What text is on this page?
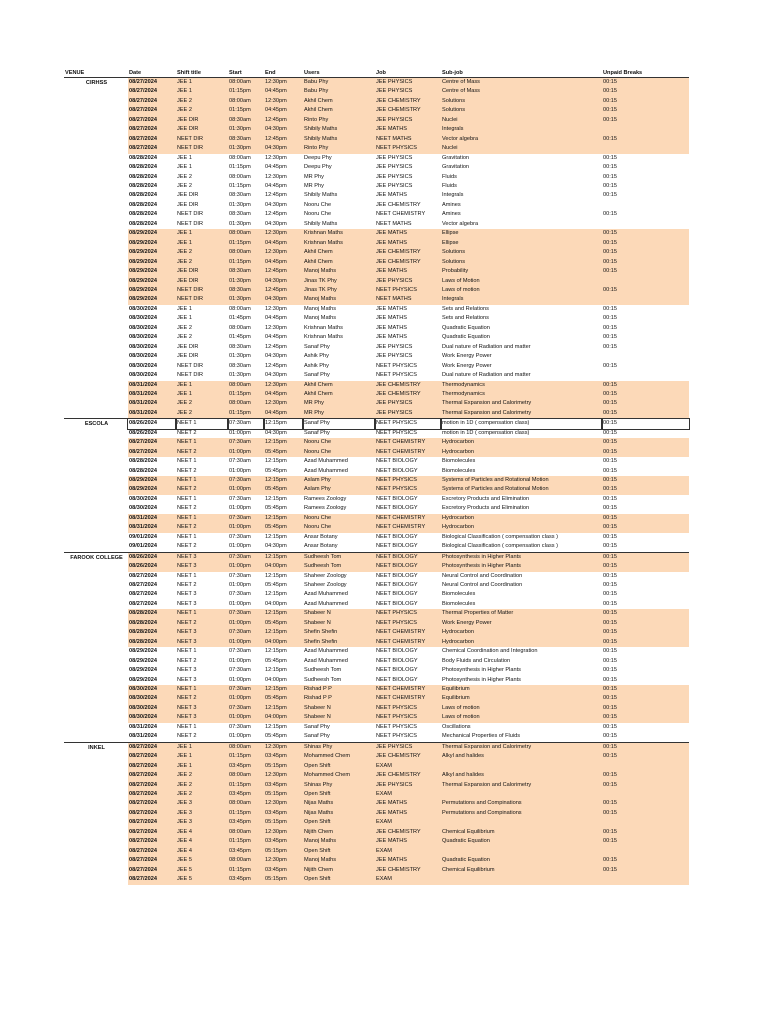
VENUE	Date	Shift title	Start	End	Users	Job	Sub-job	Unpaid Breaks
CIRHSS	08/27/2024	JEE 1	08:00am	12:30pm	Babu Phy	JEE PHYSICS	Centre of Mass	00:15
	08/27/2024	JEE 1	01:15pm	04:45pm	Babu Phy	JEE PHYSICS	Centre of Mass	00:15
	08/27/2024	JEE 2	08:00am	12:30pm	Akhil Chem	JEE CHEMISTRY	Solutions	00:15
	08/27/2024	JEE 2	01:15pm	04:45pm	Akhil Chem	JEE CHEMISTRY	Solutions	00:15
	08/27/2024	JEE DIR	08:30am	12:45pm	Rinto Phy	JEE PHYSICS	Nuclei	00:15
	08/27/2024	JEE DIR	01:30pm	04:30pm	Shibily Maths	JEE MATHS	Integrals	
	08/27/2024	NEET DIR	08:30am	12:45pm	Shibily Maths	NEET MATHS	Vector algebra	00:15
	08/27/2024	NEET DIR	01:30pm	04:30pm	Rinto Phy	NEET PHYSICS	Nuclei	
	08/28/2024	JEE 1	08:00am	12:30pm	Deepu Phy	JEE PHYSICS	Gravitation	00:15
	08/28/2024	JEE 1	01:15pm	04:45pm	Deepu Phy	JEE PHYSICS	Gravitation	00:15
	08/28/2024	JEE 2	08:00am	12:30pm	MR Phy	JEE PHYSICS	Fluids	00:15
	08/28/2024	JEE 2	01:15pm	04:45pm	MR Phy	JEE PHYSICS	Fluids	00:15
	08/28/2024	JEE DIR	08:30am	12:45pm	Shibily Maths	JEE MATHS	Integrals	00:15
	08/28/2024	JEE DIR	01:30pm	04:30pm	Nooru Che	JEE CHEMISTRY	Amines	
	08/28/2024	NEET DIR	08:30am	12:45pm	Nooru Che	NEET CHEMISTRY	Amines	00:15
	08/28/2024	NEET DIR	01:30pm	04:30pm	Shibily Maths	NEET MATHS	Vector algebra	
	08/29/2024	JEE 1	08:00am	12:30pm	Krishnan Maths	JEE MATHS	Ellipse	00:15
	08/29/2024	JEE 1	01:15pm	04:45pm	Krishnan Maths	JEE MATHS	Ellipse	00:15
	08/29/2024	JEE 2	08:00am	12:30pm	Akhil Chem	JEE CHEMISTRY	Solutions	00:15
	08/29/2024	JEE 2	01:15pm	04:45pm	Akhil Chem	JEE CHEMISTRY	Solutions	00:15
	08/29/2024	JEE DIR	08:30am	12:45pm	Manoj Maths	JEE MATHS	Probability	00:15
	08/29/2024	JEE DIR	01:30pm	04:30pm	Jinas TK Phy	JEE PHYSICS	Laws of Motion	
	08/29/2024	NEET DIR	08:30am	12:45pm	Jinas TK Phy	NEET PHYSICS	Laws of motion	00:15
	08/29/2024	NEET DIR	01:30pm	04:30pm	Manoj Maths	NEET MATHS	Integrals	
	08/30/2024	JEE 1	08:00am	12:30pm	Manoj Maths	JEE MATHS	Sets and Relations	00:15
	08/30/2024	JEE 1	01:45pm	04:45pm	Manoj Maths	JEE MATHS	Sets and Relations	00:15
	08/30/2024	JEE 2	08:00am	12:30pm	Krishnan Maths	JEE MATHS	Quadratic Equation	00:15
	08/30/2024	JEE 2	01:45pm	04:45pm	Krishnan Maths	JEE MATHS	Quadratic Equation	00:15
	08/30/2024	JEE DIR	08:30am	12:45pm	Sanaf Phy	JEE PHYSICS	Dual nature of Radiation and matter	00:15
	08/30/2024	JEE DIR	01:30pm	04:30pm	Ashik Phy	JEE PHYSICS	Work Energy Power	
	08/30/2024	NEET DIR	08:30am	12:45pm	Ashik Phy	NEET PHYSICS	Work Energy Power	00:15
	08/30/2024	NEET DIR	01:30pm	04:30pm	Sanaf Phy	NEET PHYSICS	Dual nature of Radiation and matter	
	08/31/2024	JEE 1	08:00am	12:30pm	Akhil Chem	JEE CHEMISTRY	Thermodynamics	00:15
	08/31/2024	JEE 1	01:15pm	04:45pm	Akhil Chem	JEE CHEMISTRY	Thermodynamics	00:15
	08/31/2024	JEE 2	08:00am	12:30pm	MR Phy	JEE PHYSICS	Thermal Expansion and Calorimetry	00:15
	08/31/2024	JEE 2	01:15pm	04:45pm	MR Phy	JEE PHYSICS	Thermal Expansion and Calorimetry	00:15
ESCOLA	08/26/2024	NEET 1	07:30am	12:15pm	Sanaf Phy	NEET PHYSICS	motion in 1D ( compensation class)	00:15
	08/26/2024	NEET 2	01:00pm	04:30pm	Sanaf Phy	NEET PHYSICS	motion in 1D ( compensation class)	00:15
	08/27/2024	NEET 1	07:30am	12:15pm	Nooru Che	NEET CHEMISTRY	Hydrocarbon	00:15
	08/27/2024	NEET 2	01:00pm	05:45pm	Nooru Che	NEET CHEMISTRY	Hydrocarbon	00:15
	08/28/2024	NEET 1	07:30am	12:15pm	Azad Muhammed	NEET BIOLOGY	Biomolecules	00:15
	08/28/2024	NEET 2	01:00pm	05:45pm	Azad Muhammed	NEET BIOLOGY	Biomolecules	00:15
	08/29/2024	NEET 1	07:30am	12:15pm	Aslam Phy	NEET PHYSICS	Systems of Particles and Rotational Motion	00:15
	08/29/2024	NEET 2	01:00pm	05:45pm	Aslam Phy	NEET PHYSICS	Systems of Particles and Rotational Motion	00:15
	08/30/2024	NEET 1	07:30am	12:15pm	Ramees Zoology	NEET BIOLOGY	Excretory Products and Elimination	00:15
	08/30/2024	NEET 2	01:00pm	05:45pm	Ramees Zoology	NEET BIOLOGY	Excretory Products and Elimination	00:15
	08/31/2024	NEET 1	07:30am	12:15pm	Nooru Che	NEET CHEMISTRY	Hydrocarbon	00:15
	08/31/2024	NEET 2	01:00pm	05:45pm	Nooru Che	NEET CHEMISTRY	Hydrocarbon	00:15
	09/01/2024	NEET 1	07:30am	12:15pm	Ansar Botany	NEET BIOLOGY	Biological Classification ( compensation class )	00:15
	09/01/2024	NEET 2	01:00pm	04:30pm	Ansar Botany	NEET BIOLOGY	Biological Classification ( compensation class )	00:15
FAROOK COLLEGE	08/26/2024	NEET 3	07:30am	12:15pm	Sudheesh Tom	NEET BIOLOGY	Photosynthesis in Higher Plants	00:15
	08/26/2024	NEET 3	01:00pm	04:00pm	Sudheesh Tom	NEET BIOLOGY	Photosynthesis in Higher Plants	00:15
	08/27/2024	NEET 1	07:30am	12:15pm	Shaheer Zoology	NEET BIOLOGY	Neural Control and Coordination	00:15
	08/27/2024	NEET 2	01:00pm	05:45pm	Shaheer Zoology	NEET BIOLOGY	Neural Control and Coordination	00:15
	08/27/2024	NEET 3	07:30am	12:15pm	Azad Muhammed	NEET BIOLOGY	Biomolecules	00:15
	08/27/2024	NEET 3	01:00pm	04:00pm	Azad Muhammed	NEET BIOLOGY	Biomolecules	00:15
	08/28/2024	NEET 1	07:30am	12:15pm	Shabeer N	NEET PHYSICS	Thermal Properties of Matter	00:15
	08/28/2024	NEET 2	01:00pm	05:45pm	Shabeer N	NEET PHYSICS	Work Energy Power	00:15
	08/28/2024	NEET 3	07:30am	12:15pm	Shefin Shefin	NEET CHEMISTRY	Hydrocarbon	00:15
	08/28/2024	NEET 3	01:00pm	04:00pm	Shefin Shefin	NEET CHEMISTRY	Hydrocarbon	00:15
	08/29/2024	NEET 1	07:30am	12:15pm	Azad Muhammed	NEET BIOLOGY	Chemical Coordination and Integration	00:15
	08/29/2024	NEET 2	01:00pm	05:45pm	Azad Muhammed	NEET BIOLOGY	Body Fluids and Circulation	00:15
	08/29/2024	NEET 3	07:30am	12:15pm	Sudheesh Tom	NEET BIOLOGY	Photosynthesis in Higher Plants	00:15
	08/29/2024	NEET 3	01:00pm	04:00pm	Sudheesh Tom	NEET BIOLOGY	Photosynthesis in Higher Plants	00:15
	08/30/2024	NEET 1	07:30am	12:15pm	Rishad P P	NEET CHEMISTRY	Equilibrium	00:15
	08/30/2024	NEET 2	01:00pm	05:45pm	Rishad P P	NEET CHEMISTRY	Equilibrium	00:15
	08/30/2024	NEET 3	07:30am	12:15pm	Shabeer N	NEET PHYSICS	Laws of motion	00:15
	08/30/2024	NEET 3	01:00pm	04:00pm	Shabeer N	NEET PHYSICS	Laws of motion	00:15
	08/31/2024	NEET 1	07:30am	12:15pm	Sanaf Phy	NEET PHYSICS	Oscillations	00:15
	08/31/2024	NEET 2	01:00pm	05:45pm	Sanaf Phy	NEET PHYSICS	Mechanical Properties of Fluids	00:15
INKEL	08/27/2024	JEE 1	08:00am	12:30pm	Shinas Phy	JEE PHYSICS	Thermal Expansion and Calorimetry	00:15
	08/27/2024	JEE 1	01:15pm	03:45pm	Mohammed Chem	JEE CHEMISTRY	Alkyl and halides	00:15
	08/27/2024	JEE 1	03:45pm	05:15pm	Open Shift	EXAM		
	08/27/2024	JEE 2	08:00am	12:30pm	Mohammed Chem	JEE CHEMISTRY	Alkyl and halides	00:15
	08/27/2024	JEE 2	01:15pm	03:45pm	Shinas Phy	JEE PHYSICS	Thermal Expansion and Calorimetry	00:15
	08/27/2024	JEE 2	03:45pm	05:15pm	Open Shift	EXAM		
	08/27/2024	JEE 3	08:00am	12:30pm	Nijas Maths	JEE MATHS	Permutations and Compinations	00:15
	08/27/2024	JEE 3	01:15pm	03:45pm	Nijas Maths	JEE MATHS	Permutations and Compinations	00:15
	08/27/2024	JEE 3	03:45pm	05:15pm	Open Shift	EXAM		
	08/27/2024	JEE 4	08:00am	12:30pm	Nijith Chem	JEE CHEMISTRY	Chemical Equilibrium	00:15
	08/27/2024	JEE 4	01:15pm	03:45pm	Manoj Maths	JEE MATHS	Quadratic Equation	00:15
	08/27/2024	JEE 4	03:45pm	05:15pm	Open Shift	EXAM		
	08/27/2024	JEE 5	08:00am	12:30pm	Manoj Maths	JEE MATHS	Quadratic Equation	00:15
	08/27/2024	JEE 5	01:15pm	03:45pm	Nijith Chem	JEE CHEMISTRY	Chemical Equilibrium	00:15
	08/27/2024	JEE 5	03:45pm	05:15pm	Open Shift	EXAM		
